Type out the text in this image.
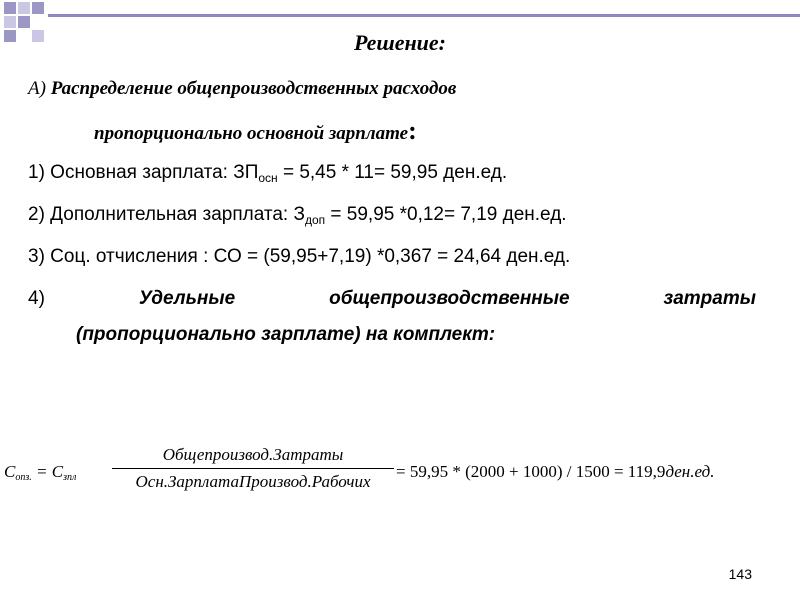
Решение:
А) Распределение общепроизводственных расходов
пропорционально основной зарплате:
1) Основная зарплата: $ЗП_{осн} = 5,45 * 11= 59,95$ ден.ед.
2) Дополнительная зарплата: $З_{доп} = 59,95$ *0,12= 7,19 ден.ед.
3) Соц. отчисления : СО = (59,95+7,19) *0,367 = 24,64 ден.ед.
4)	Удельные	общепроизводственные	затраты
(пропорционально зарплате) на комплект:
$C_{опз.} = C_{зпл}$
Общепроизвод.Затраты
Осн.ЗарплатаПроизвод.Рабочих
= 59,95 * (2000 + 1000) / 1500 = 119,9ден.ед.
143
